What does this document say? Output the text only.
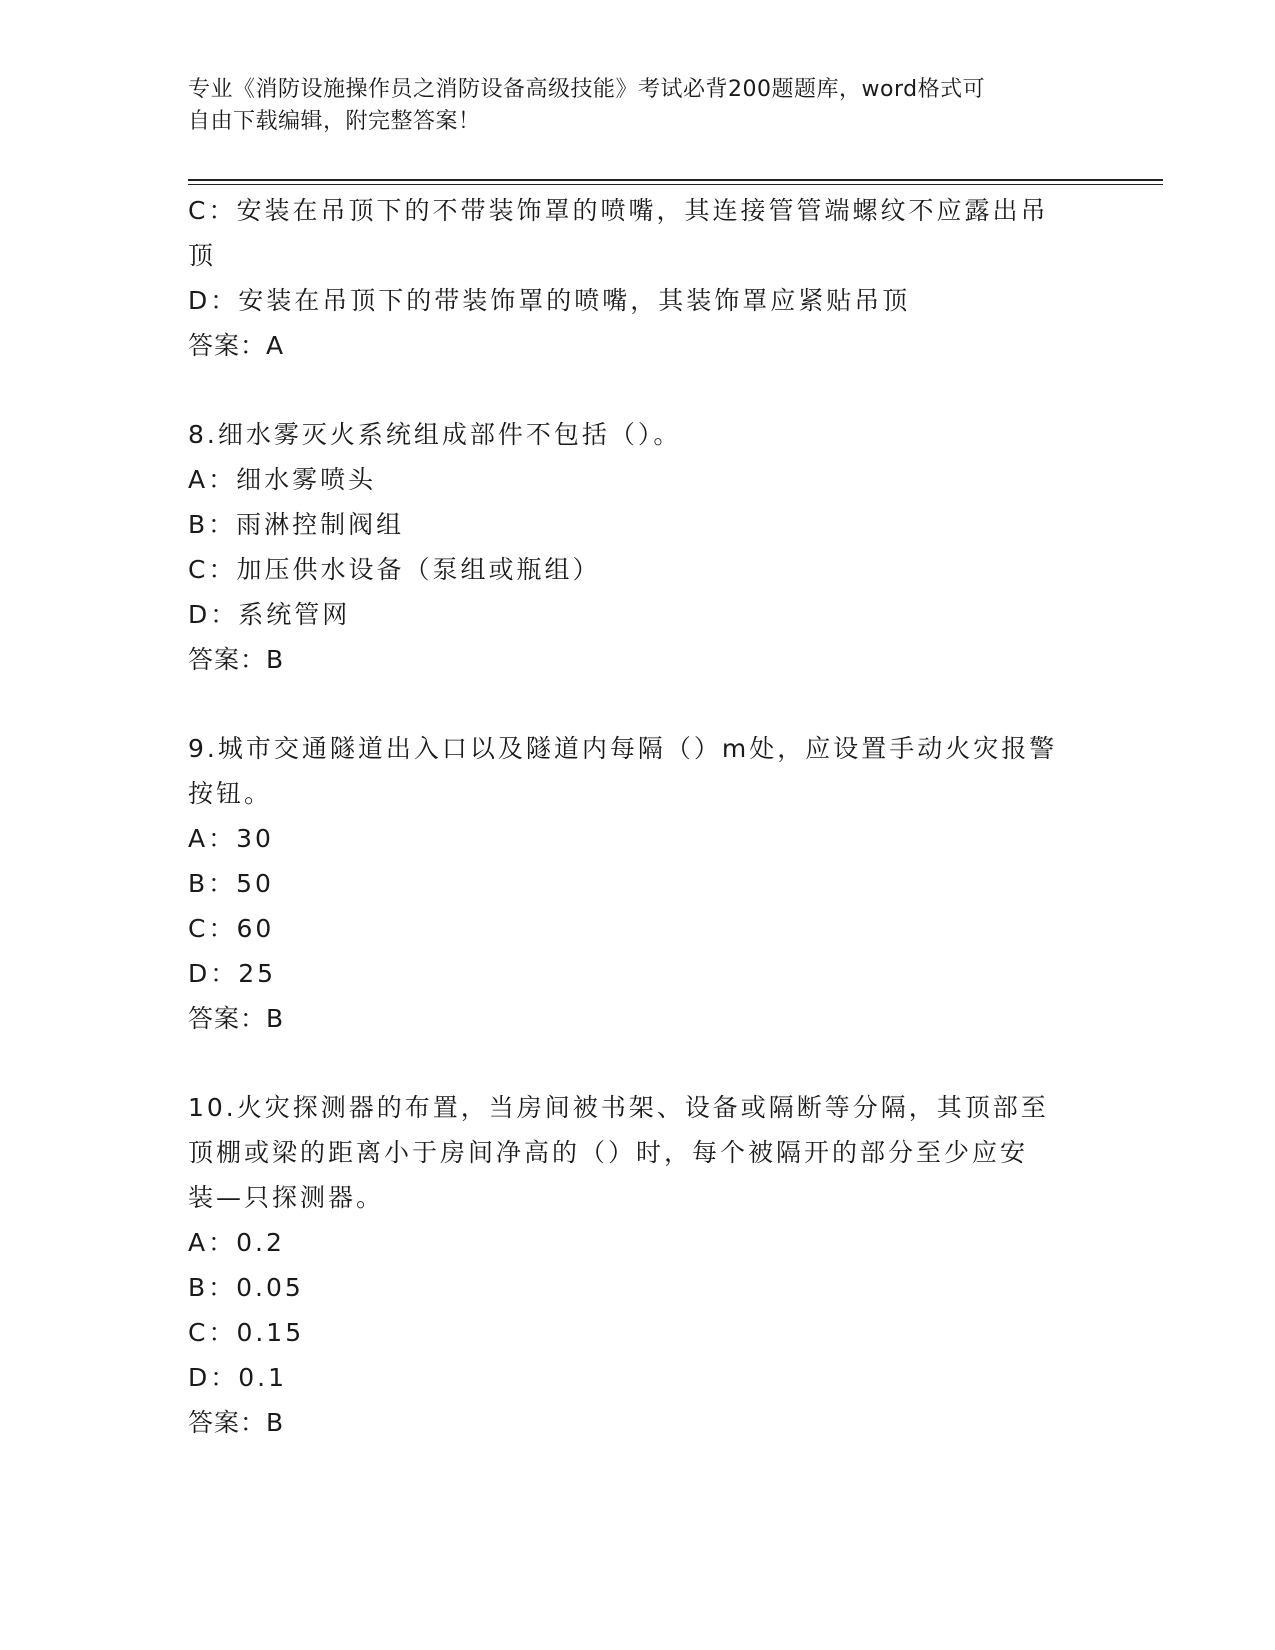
专业《消防设施操作员之消防设备高级技能》考试必背200题题库，word格式可
自由下载编辑，附完整答案！
C：安装在吊顶下的不带装饰罩的喷嘴，其连接管管端螺纹不应露出吊
顶
D：安装在吊顶下的带装饰罩的喷嘴，其装饰罩应紧贴吊顶
答案：A
8.细水雾灭火系统组成部件不包括（）。
A：细水雾喷头
B：雨淋控制阀组
C：加压供水设备（泵组或瓶组）
D：系统管网
答案：B
9.城市交通隧道出入口以及隧道内每隔（）m处，应设置手动火灾报警
按钮。
A：30
B：50
C：60
D：25
答案：B
10.火灾探测器的布置，当房间被书架、设备或隔断等分隔，其顶部至
顶棚或梁的距离小于房间净高的（）时，每个被隔开的部分至少应安
装—只探测器。
A：0.2
B：0.05
C：0.15
D：0.1
答案：B
